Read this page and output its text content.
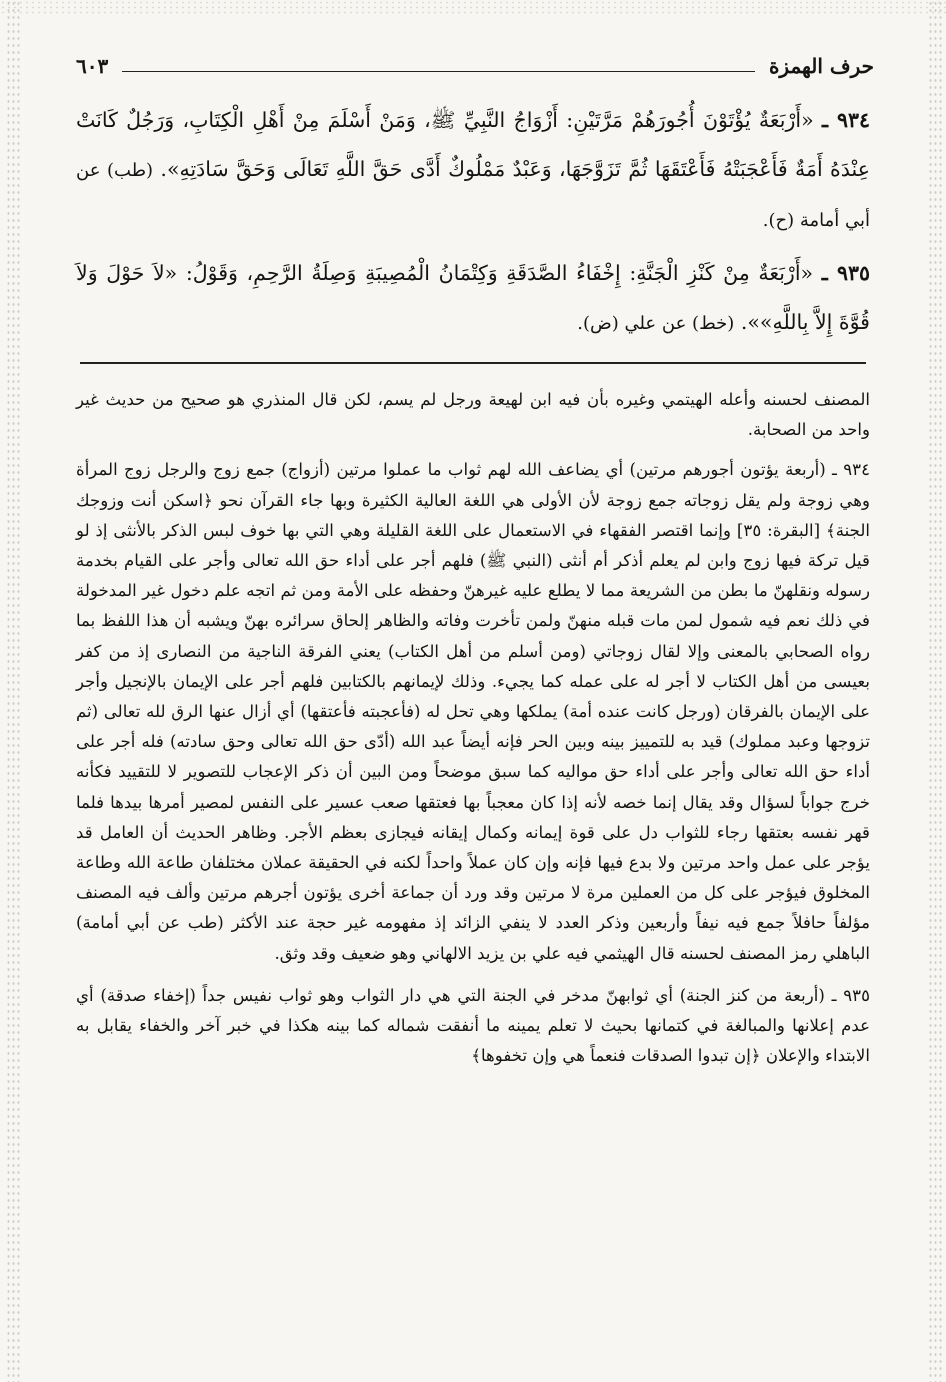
حرف الهمزة
٦٠٣

٩٣٤ ـ «أَرْبَعَةٌ يُؤْتَوْنَ أُجُورَهُمْ مَرَّتَيْنِ: أَزْوَاجُ النَّبِيِّ ﷺ، وَمَنْ أَسْلَمَ مِنْ أَهْلِ الْكِتَابِ، وَرَجُلٌ كَانَتْ عِنْدَهُ أَمَةٌ فَأَعْجَبَتْهُ فَأَعْتَقَهَا ثُمَّ تَزَوَّجَهَا، وَعَبْدٌ مَمْلُوكٌ أَدَّى حَقَّ اللَّهِ تَعَالَى وَحَقَّ سَادَتِهِ». (طب) عن أبي أمامة (ح).

٩٣٥ ـ «أَرْبَعَةٌ مِنْ كَنْزِ الْجَنَّةِ: إِخْفَاءُ الصَّدَقَةِ وَكِتْمَانُ الْمُصِيبَةِ وَصِلَةُ الرَّحِمِ، وَقَوْلُ: «لاَ حَوْلَ وَلاَ قُوَّةَ إِلاَّ بِاللَّهِ»». (خط) عن علي (ض).

المصنف لحسنه وأعله الهيتمي وغيره بأن فيه ابن لهيعة ورجل لم يسم، لكن قال المنذري هو صحيح من حديث غير واحد من الصحابة.

٩٣٤ ـ (أربعة يؤتون أجورهم مرتين) أي يضاعف الله لهم ثواب ما عملوا مرتين (أزواج) جمع زوج والرجل زوج المرأة وهي زوجة ولم يقل زوجاته جمع زوجة لأن الأولى هي اللغة العالية الكثيرة وبها جاء القرآن نحو ﴿اسكن أنت وزوجك الجنة﴾ [البقرة: ٣٥] وإنما اقتصر الفقهاء في الاستعمال على اللغة القليلة وهي التي بها خوف لبس الذكر بالأنثى إذ لو قيل تركة فيها زوج وابن لم يعلم أذكر أم أنثى (النبي ﷺ) فلهم أجر على أداء حق الله تعالى وأجر على القيام بخدمة رسوله ونقلهنّ ما بطن من الشريعة مما لا يطلع عليه غيرهنّ وحفظه على الأمة ومن ثم اتجه علم دخول غير المدخولة في ذلك نعم فيه شمول لمن مات قبله منهنّ ولمن تأخرت وفاته والظاهر إلحاق سرائره بهنّ ويشبه أن هذا اللفظ بما رواه الصحابي بالمعنى وإلا لقال زوجاتي (ومن أسلم من أهل الكتاب) يعني الفرقة الناجية من النصارى إذ من كفر بعيسى من أهل الكتاب لا أجر له على عمله كما يجيء. وذلك لإيمانهم بالكتابين فلهم أجر على الإيمان بالإنجيل وأجر على الإيمان بالفرقان (ورجل كانت عنده أمة) يملكها وهي تحل له (فأعجبته فأعتقها) أي أزال عنها الرق لله تعالى (ثم تزوجها وعبد مملوك) قيد به للتمييز بينه وبين الحر فإنه أيضاً عبد الله (أدّى حق الله تعالى وحق سادته) فله أجر على أداء حق الله تعالى وأجر على أداء حق مواليه كما سبق موضحاً ومن البين أن ذكر الإعجاب للتصوير لا للتقييد فكأنه خرج جواباً لسؤال وقد يقال إنما خصه لأنه إذا كان معجباً بها فعتقها صعب عسير على النفس لمصير أمرها بيدها فلما قهر نفسه بعتقها رجاء للثواب دل على قوة إيمانه وكمال إيقانه فيجازى بعظم الأجر. وظاهر الحديث أن العامل قد يؤجر على عمل واحد مرتين ولا بدع فيها فإنه وإن كان عملاً واحداً لكنه في الحقيقة عملان مختلفان طاعة الله وطاعة المخلوق فيؤجر على كل من العملين مرة لا مرتين وقد ورد أن جماعة أخرى يؤتون أجرهم مرتين وألف فيه المصنف مؤلفاً حافلاً جمع فيه نيفاً وأربعين وذكر العدد لا ينفي الزائد إذ مفهومه غير حجة عند الأكثر (طب عن أبي أمامة) الباهلي رمز المصنف لحسنه قال الهيثمي فيه علي بن يزيد الالهاني وهو ضعيف وقد وثق.

٩٣٥ ـ (أربعة من كنز الجنة) أي ثوابهنّ مدخر في الجنة التي هي دار الثواب وهو ثواب نفيس جداً (إخفاء صدقة) أي عدم إعلانها والمبالغة في كتمانها بحيث لا تعلم يمينه ما أنفقت شماله كما بينه هكذا في خبر آخر والخفاء يقابل به الابتداء والإعلان ﴿إن تبدوا الصدقات فنعماً هي وإن تخفوها﴾
